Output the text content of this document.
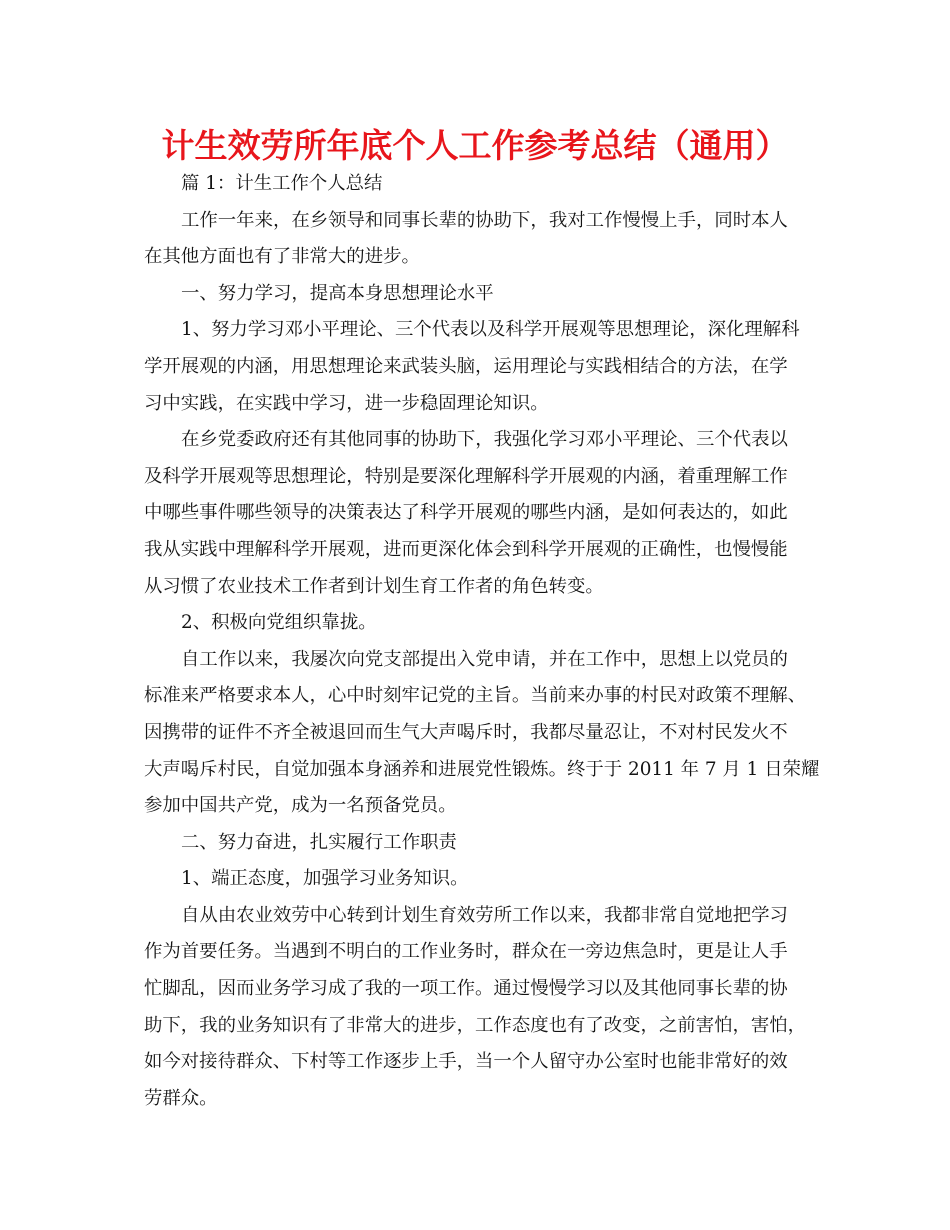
计生效劳所年底个人工作参考总结（通用）
篇 1：计生工作个人总结
工作一年来，在乡领导和同事长辈的协助下，我对工作慢慢上手，同时本人
在其他方面也有了非常大的进步。
一、努力学习，提高本身思想理论水平
1、努力学习邓小平理论、三个代表以及科学开展观等思想理论，深化理解科
学开展观的内涵，用思想理论来武装头脑，运用理论与实践相结合的方法，在学
习中实践，在实践中学习，进一步稳固理论知识。
在乡党委政府还有其他同事的协助下，我强化学习邓小平理论、三个代表以
及科学开展观等思想理论，特别是要深化理解科学开展观的内涵，着重理解工作
中哪些事件哪些领导的决策表达了科学开展观的哪些内涵，是如何表达的，如此
我从实践中理解科学开展观，进而更深化体会到科学开展观的正确性，也慢慢能
从习惯了农业技术工作者到计划生育工作者的角色转变。
2、积极向党组织靠拢。
自工作以来，我屡次向党支部提出入党申请，并在工作中，思想上以党员的
标准来严格要求本人，心中时刻牢记党的主旨。当前来办事的村民对政策不理解、
因携带的证件不齐全被退回而生气大声喝斥时，我都尽量忍让，不对村民发火不
大声喝斥村民，自觉加强本身涵养和进展党性锻炼。终于于 2011 年 7 月 1 日荣耀
参加中国共产党，成为一名预备党员。
二、努力奋进，扎实履行工作职责
1、端正态度，加强学习业务知识。
自从由农业效劳中心转到计划生育效劳所工作以来，我都非常自觉地把学习
作为首要任务。当遇到不明白的工作业务时，群众在一旁边焦急时，更是让人手
忙脚乱，因而业务学习成了我的一项工作。通过慢慢学习以及其他同事长辈的协
助下，我的业务知识有了非常大的进步，工作态度也有了改变，之前害怕，害怕，
如今对接待群众、下村等工作逐步上手，当一个人留守办公室时也能非常好的效
劳群众。
